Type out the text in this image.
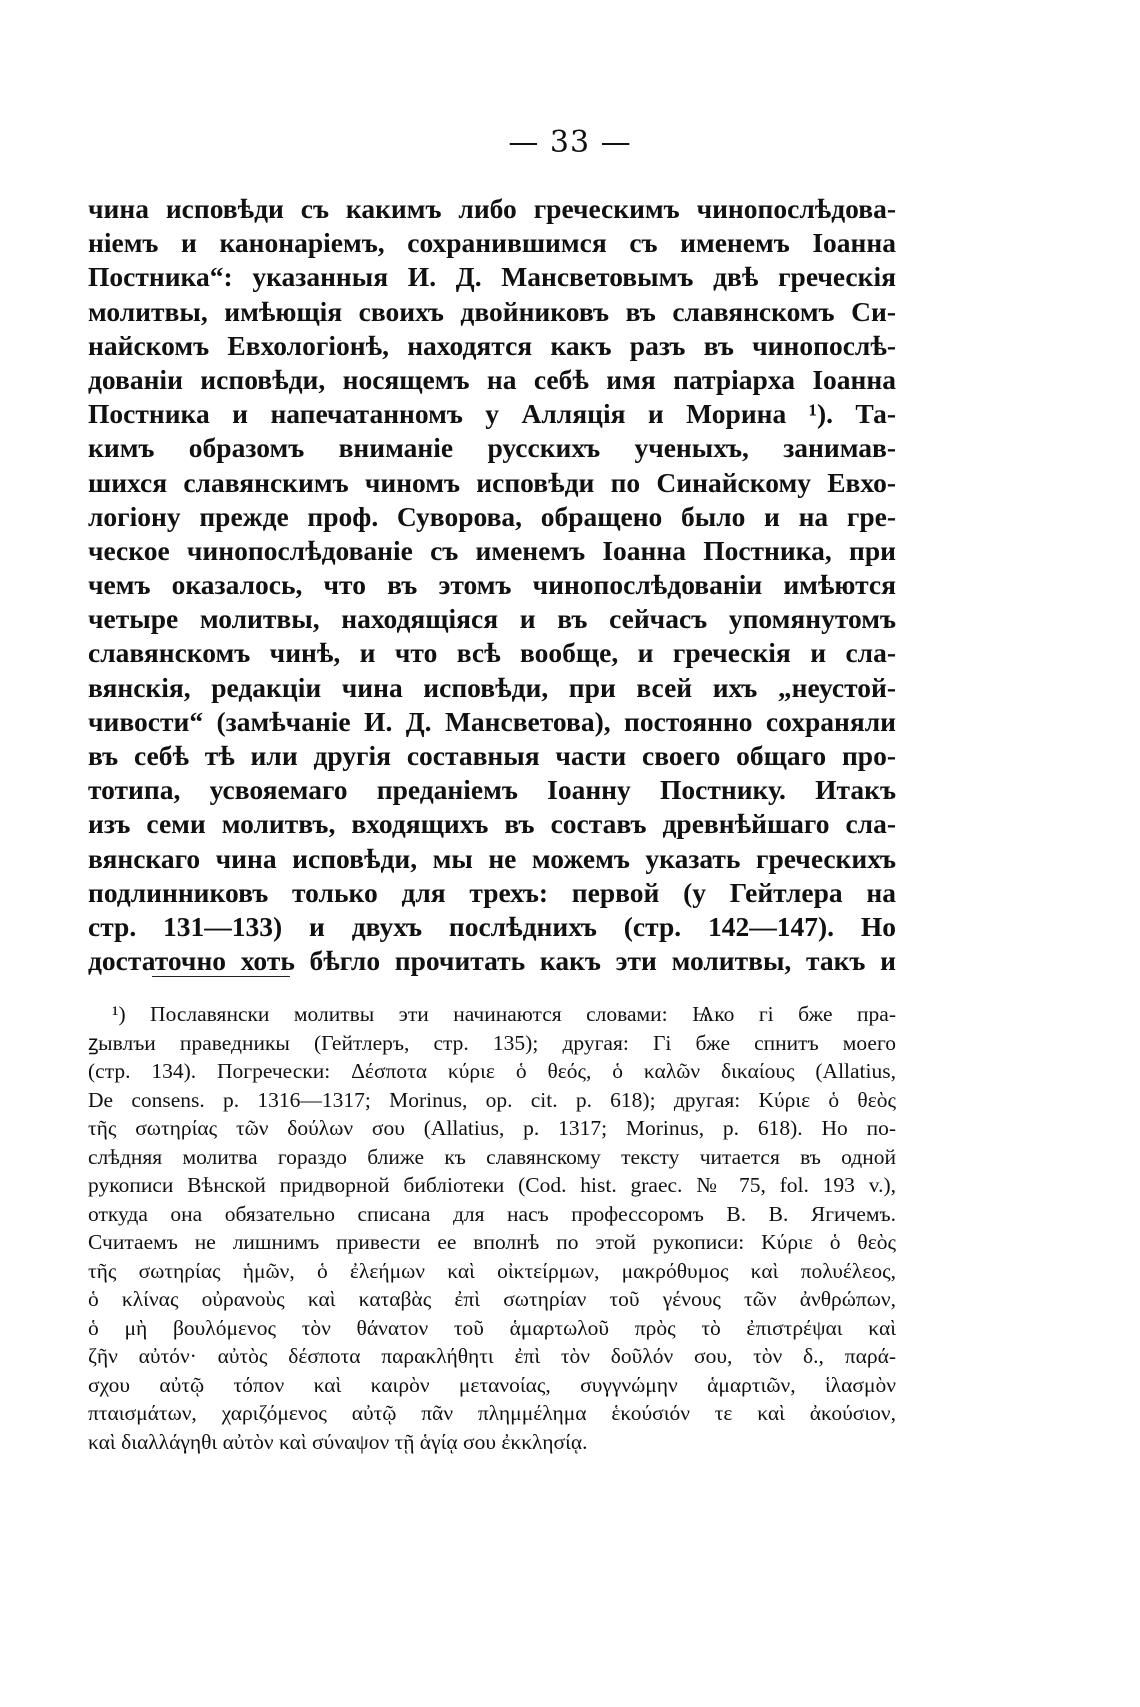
— 33 —
чина исповѣди съ какимъ либо греческимъ чинопослѣдова-
ніемъ и канонаріемъ, сохранившимся съ именемъ Іоанна
Постника“: указанныя И. Д. Мансветовымъ двѣ греческія
молитвы, имѣющія своихъ двойниковъ въ славянскомъ Си-
найскомъ Евхологіонѣ, находятся какъ разъ въ чинопослѣ-
дованіи исповѣди, носящемъ на себѣ имя патріарха Іоанна
Постника и напечатанномъ у Алляція и Морина ¹). Та-
кимъ образомъ вниманіе русскихъ ученыхъ, занимав-
шихся славянскимъ чиномъ исповѣди по Синайскому Евхо-
логіону прежде проф. Суворова, обращено было и на гре-
ческое чинопослѣдованіе съ именемъ Іоанна Постника, при
чемъ оказалось, что въ этомъ чинопослѣдованіи имѣются
четыре молитвы, находящіяся и въ сейчасъ упомянутомъ
славянскомъ чинѣ, и что всѣ вообще, и греческія и сла-
вянскія, редакціи чина исповѣди, при всей ихъ „неустой-
чивости“ (замѣчаніе И. Д. Мансветова), постоянно сохраняли
въ себѣ тѣ или другія составныя части своего общаго про-
тотипа, усвояемаго преданіемъ Іоанну Постнику. Итакъ
изъ семи молитвъ, входящихъ въ составъ древнѣйшаго сла-
вянскаго чина исповѣди, мы не можемъ указать греческихъ
подлинниковъ только для трехъ: первой (у Гейтлера на
стр. 131—133) и двухъ послѣднихъ (стр. 142—147). Но
достаточно хоть бѣгло прочитать какъ эти молитвы, такъ и
¹) Пославянски молитвы эти начинаются словами: Ѩко гі бже пра-
ꙁывлъи праведникы (Гейтлеръ, стр. 135); другая: Гі бже спнитъ моего
(стр. 134). Погречески: Δέσποτα κύριε ὁ θεός, ὁ καλῶν δικαίους (Allatius,
De consens. p. 1316—1317; Morinus, op. cit. p. 618); другая: Κύριε ὁ θεὸς
τῆς σωτηρίας τῶν δούλων σου (Allatius, p. 1317; Morinus, p. 618). Но по-
слѣдняя молитва гораздо ближе къ славянскому тексту читается въ одной
рукописи Вѣнской придворной библіотеки (Cod. hist. graec. № 75, fol. 193 v.),
откуда она обязательно списана для насъ профессоромъ В. В. Ягичемъ.
Считаемъ не лишнимъ привести ее вполнѣ по этой рукописи: Κύριε ὁ θεὸς
τῆς σωτηρίας ἡμῶν, ὁ ἐλεήμων καὶ οἰκτείρμων, μακρόθυμος καὶ πολυέλεος,
ὁ κλίνας οὐρανοὺς καὶ καταβὰς ἐπὶ σωτηρίαν τοῦ γένους τῶν ἀνθρώπων,
ὁ μὴ βουλόμενος τὸν θάνατον τοῦ ἁμαρτωλοῦ πρὸς τὸ ἐπιστρέψαι καὶ
ζῆν αὐτόν· αὐτὸς δέσποτα παρακλήθητι ἐπὶ τὸν δοῦλόν σου, τὸν δ., παρά-
σχου αὐτῷ τόπον καὶ καιρὸν μετανοίας, συγγνώμην ἁμαρτιῶν, ἱλασμὸν
πταισμάτων, χαριζόμενος αὐτῷ πᾶν πλημμέλημα ἑκούσιόν τε καὶ ἀκούσιον,
καὶ διαλλάγηθι αὐτὸν καὶ σύναψον τῇ ἁγίᾳ σου ἐκκλησίᾳ.
